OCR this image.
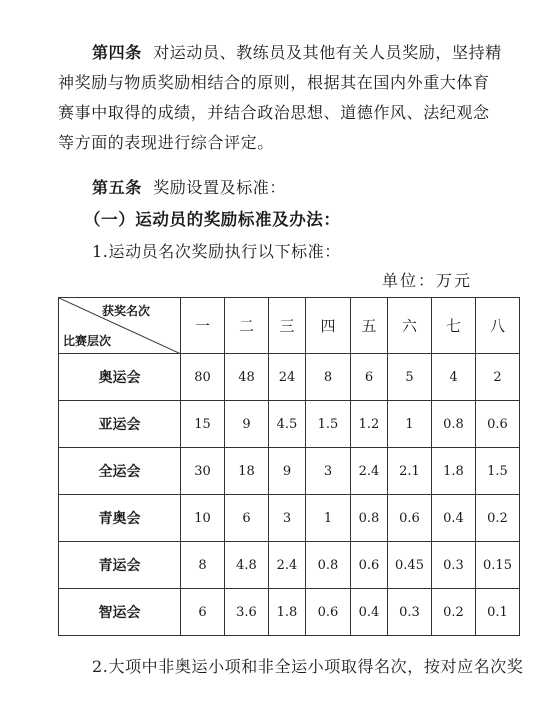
第四条 对运动员、教练员及其他有关人员奖励，坚持精神奖励与物质奖励相结合的原则，根据其在国内外重大体育赛事中取得的成绩，并结合政治思想、道德作风、法纪观念等方面的表现进行综合评定。

第五条 奖励设置及标准：
（一）运动员的奖励标准及办法：
1.运动员名次奖励执行以下标准：
单位：万元
获奖名次
比赛层次	一	二	三	四	五	六	七	八
奥运会	80	48	24	8	6	5	4	2
亚运会	15	9	4.5	1.5	1.2	1	0.8	0.6
全运会	30	18	9	3	2.4	2.1	1.8	1.5
青奥会	10	6	3	1	0.8	0.6	0.4	0.2
青运会	8	4.8	2.4	0.8	0.6	0.45	0.3	0.15
智运会	6	3.6	1.8	0.6	0.4	0.3	0.2	0.1
2.大项中非奥运小项和非全运小项取得名次，按对应名次奖
